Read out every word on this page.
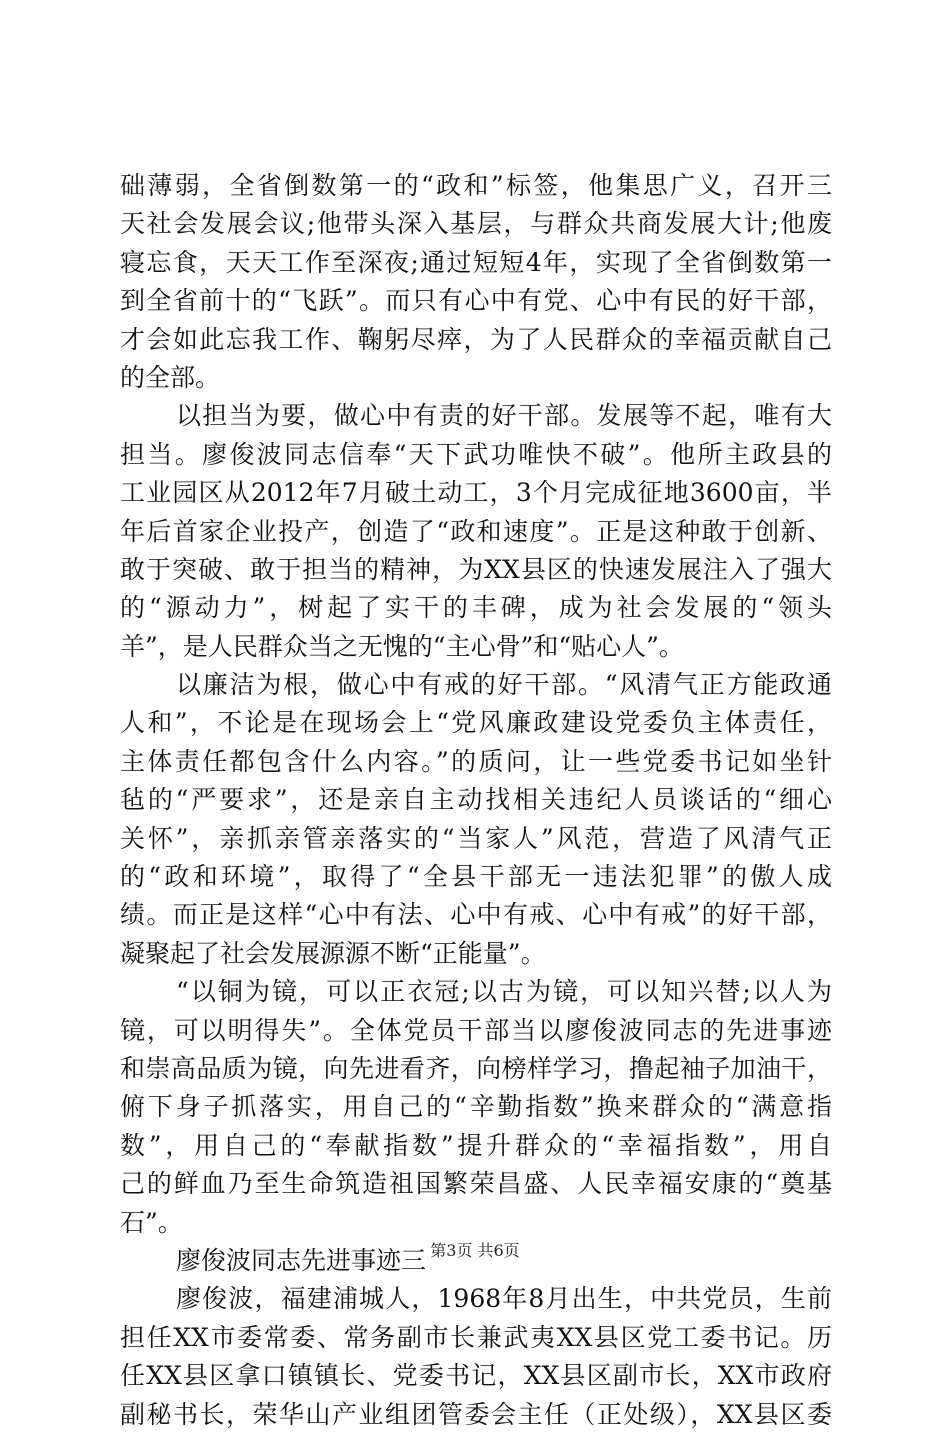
础薄弱，全省倒数第一的“政和”标签，他集思广义，召开三
天社会发展会议;他带头深入基层，与群众共商发展大计;他废
寝忘食，天天工作至深夜;通过短短4年，实现了全省倒数第一
到全省前十的“飞跃”。而只有心中有党、心中有民的好干部，
才会如此忘我工作、鞠躬尽瘁，为了人民群众的幸福贡献自己
的全部。
以担当为要，做心中有责的好干部。发展等不起，唯有大
担当。廖俊波同志信奉“天下武功唯快不破”。他所主政县的
工业园区从2012年7月破土动工，3个月完成征地3600亩，半
年后首家企业投产，创造了“政和速度”。正是这种敢于创新、
敢于突破、敢于担当的精神，为XX县区的快速发展注入了强大
的“源动力”，树起了实干的丰碑，成为社会发展的“领头
羊”，是人民群众当之无愧的“主心骨”和“贴心人”。
以廉洁为根，做心中有戒的好干部。“风清气正方能政通
人和”，不论是在现场会上“党风廉政建设党委负主体责任，
主体责任都包含什么内容。”的质问，让一些党委书记如坐针
毡的“严要求”，还是亲自主动找相关违纪人员谈话的“细心
关怀”，亲抓亲管亲落实的“当家人”风范，营造了风清气正
的“政和环境”，取得了“全县干部无一违法犯罪”的傲人成
绩。而正是这样“心中有法、心中有戒、心中有戒”的好干部，
凝聚起了社会发展源源不断“正能量”。
“以铜为镜，可以正衣冠;以古为镜，可以知兴替;以人为
镜，可以明得失”。全体党员干部当以廖俊波同志的先进事迹
和崇高品质为镜，向先进看齐，向榜样学习，撸起袖子加油干，
俯下身子抓落实，用自己的“辛勤指数”换来群众的“满意指
数”，用自己的“奉献指数”提升群众的“幸福指数”，用自
己的鲜血乃至生命筑造祖国繁荣昌盛、人民幸福安康的“奠基
石”。
廖俊波同志先进事迹三
廖俊波，福建浦城人，1968年8月出生，中共党员，生前
担任XX市委常委、常务副市长兼武夷XX县区党工委书记。历
任XX县区拿口镇镇长、党委书记，XX县区副市长，XX市政府
副秘书长，荣华山产业组团管委会主任（正处级），XX县区委
第3页 共6页
